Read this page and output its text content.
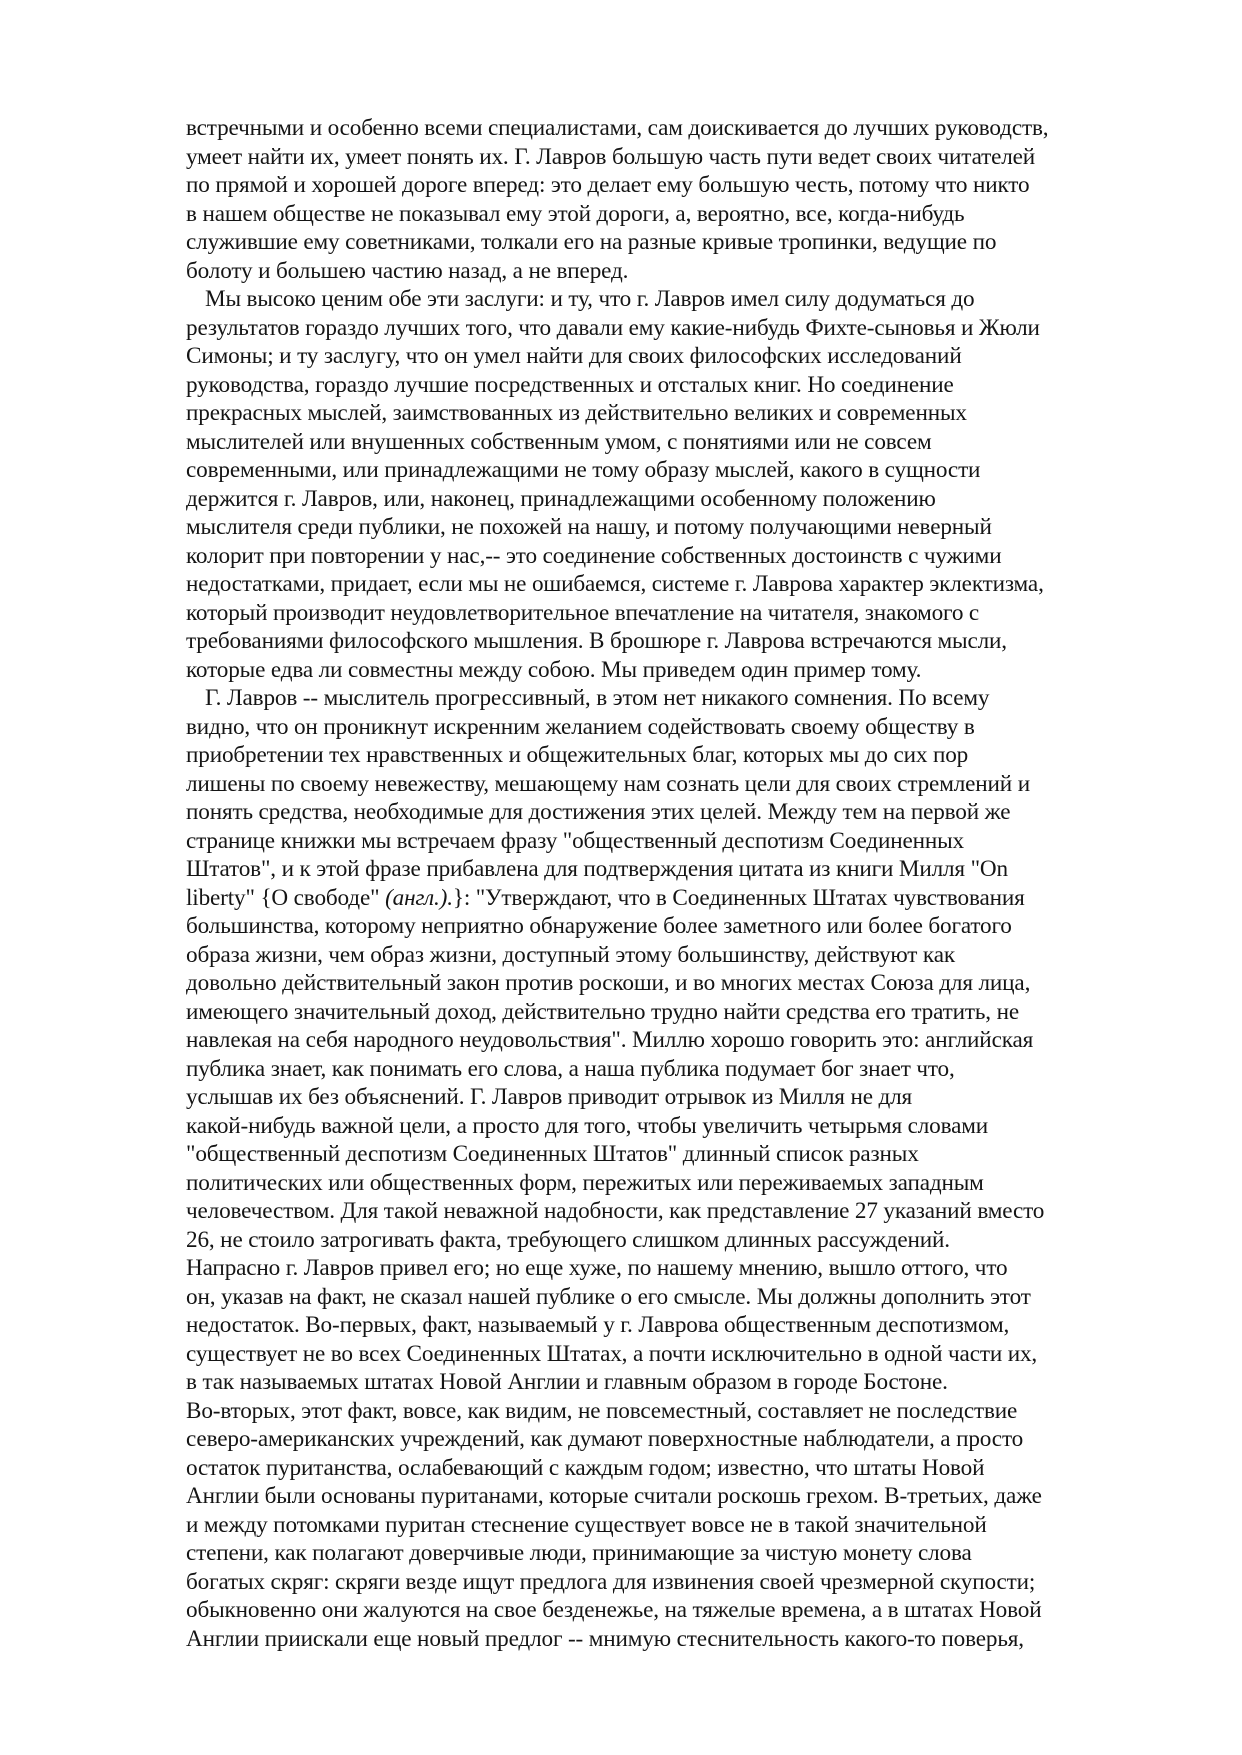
встречными и особенно всеми специалистами, сам доискивается до лучших руководств,
умеет найти их, умеет понять их. Г. Лавров большую часть пути ведет своих читателей
по прямой и хорошей дороге вперед: это делает ему большую честь, потому что никто
в нашем обществе не показывал ему этой дороги, а, вероятно, все, когда-нибудь
служившие ему советниками, толкали его на разные кривые тропинки, ведущие по
болоту и большею частию назад, а не вперед.
Мы высоко ценим обе эти заслуги: и ту, что г. Лавров имел силу додуматься до
результатов гораздо лучших того, что давали ему какие-нибудь Фихте-сыновья и Жюли
Симоны; и ту заслугу, что он умел найти для своих философских исследований
руководства, гораздо лучшие посредственных и отсталых книг. Но соединение
прекрасных мыслей, заимствованных из действительно великих и современных
мыслителей или внушенных собственным умом, с понятиями или не совсем
современными, или принадлежащими не тому образу мыслей, какого в сущности
держится г. Лавров, или, наконец, принадлежащими особенному положению
мыслителя среди публики, не похожей на нашу, и потому получающими неверный
колорит при повторении у нас,-- это соединение собственных достоинств с чужими
недостатками, придает, если мы не ошибаемся, системе г. Лаврова характер эклектизма,
который производит неудовлетворительное впечатление на читателя, знакомого с
требованиями философского мышления. В брошюре г. Лаврова встречаются мысли,
которые едва ли совместны между собою. Мы приведем один пример тому.
Г. Лавров -- мыслитель прогрессивный, в этом нет никакого сомнения. По всему
видно, что он проникнут искренним желанием содействовать своему обществу в
приобретении тех нравственных и общежительных благ, которых мы до сих пор
лишены по своему невежеству, мешающему нам сознать цели для своих стремлений и
понять средства, необходимые для достижения этих целей. Между тем на первой же
странице книжки мы встречаем фразу "общественный деспотизм Соединенных
Штатов", и к этой фразе прибавлена для подтверждения цитата из книги Милля "On
liberty" {О свободе" (англ.).}: "Утверждают, что в Соединенных Штатах чувствования
большинства, которому неприятно обнаружение более заметного или более богатого
образа жизни, чем образ жизни, доступный этому большинству, действуют как
довольно действительный закон против роскоши, и во многих местах Союза для лица,
имеющего значительный доход, действительно трудно найти средства его тратить, не
навлекая на себя народного неудовольствия". Миллю хорошо говорить это: английская
публика знает, как понимать его слова, а наша публика подумает бог знает что,
услышав их без объяснений. Г. Лавров приводит отрывок из Милля не для
какой-нибудь важной цели, а просто для того, чтобы увеличить четырьмя словами
"общественный деспотизм Соединенных Штатов" длинный список разных
политических или общественных форм, пережитых или переживаемых западным
человечеством. Для такой неважной надобности, как представление 27 указаний вместо
26, не стоило затрогивать факта, требующего слишком длинных рассуждений.
Напрасно г. Лавров привел его; но еще хуже, по нашему мнению, вышло оттого, что
он, указав на факт, не сказал нашей публике о его смысле. Мы должны дополнить этот
недостаток. Во-первых, факт, называемый у г. Лаврова общественным деспотизмом,
существует не во всех Соединенных Штатах, а почти исключительно в одной части их,
в так называемых штатах Новой Англии и главным образом в городе Бостоне.
Во-вторых, этот факт, вовсе, как видим, не повсеместный, составляет не последствие
северо-американских учреждений, как думают поверхностные наблюдатели, а просто
остаток пуританства, ослабевающий с каждым годом; известно, что штаты Новой
Англии были основаны пуританами, которые считали роскошь грехом. В-третьих, даже
и между потомками пуритан стеснение существует вовсе не в такой значительной
степени, как полагают доверчивые люди, принимающие за чистую монету слова
богатых скряг: скряги везде ищут предлога для извинения своей чрезмерной скупости;
обыкновенно они жалуются на свое безденежье, на тяжелые времена, а в штатах Новой
Англии приискали еще новый предлог -- мнимую стеснительность какого-то поверья,
